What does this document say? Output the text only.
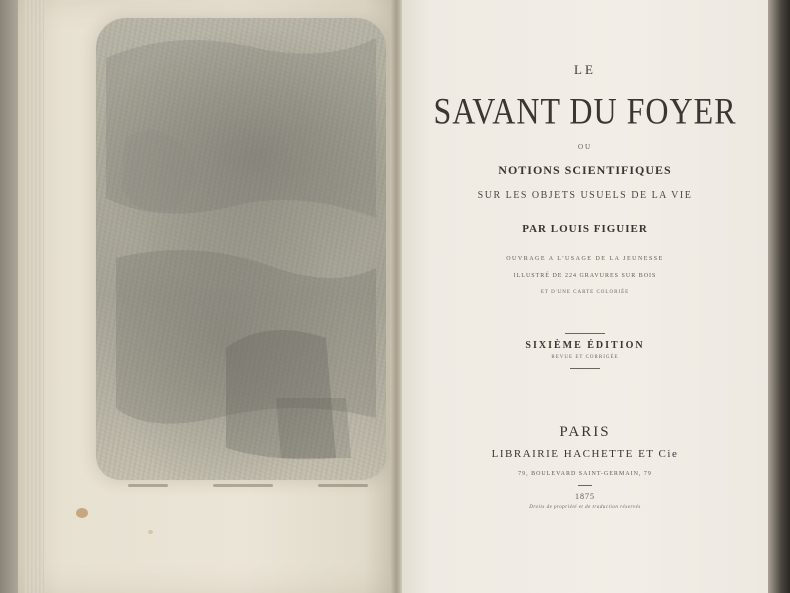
LE
SAVANT DU FOYER
OU
NOTIONS SCIENTIFIQUES
SUR LES OBJETS USUELS DE LA VIE
PAR LOUIS FIGUIER
OUVRAGE A L'USAGE DE LA JEUNESSE
ILLUSTRÉ DE 224 GRAVURES SUR BOIS
ET D'UNE CARTE COLORIÉE
SIXIÈME ÉDITION
REVUE ET CORRIGÉE
PARIS
LIBRAIRIE HACHETTE ET Cie
79, BOULEVARD SAINT-GERMAIN, 79
1875
Droits de propriété et de traduction réservés
